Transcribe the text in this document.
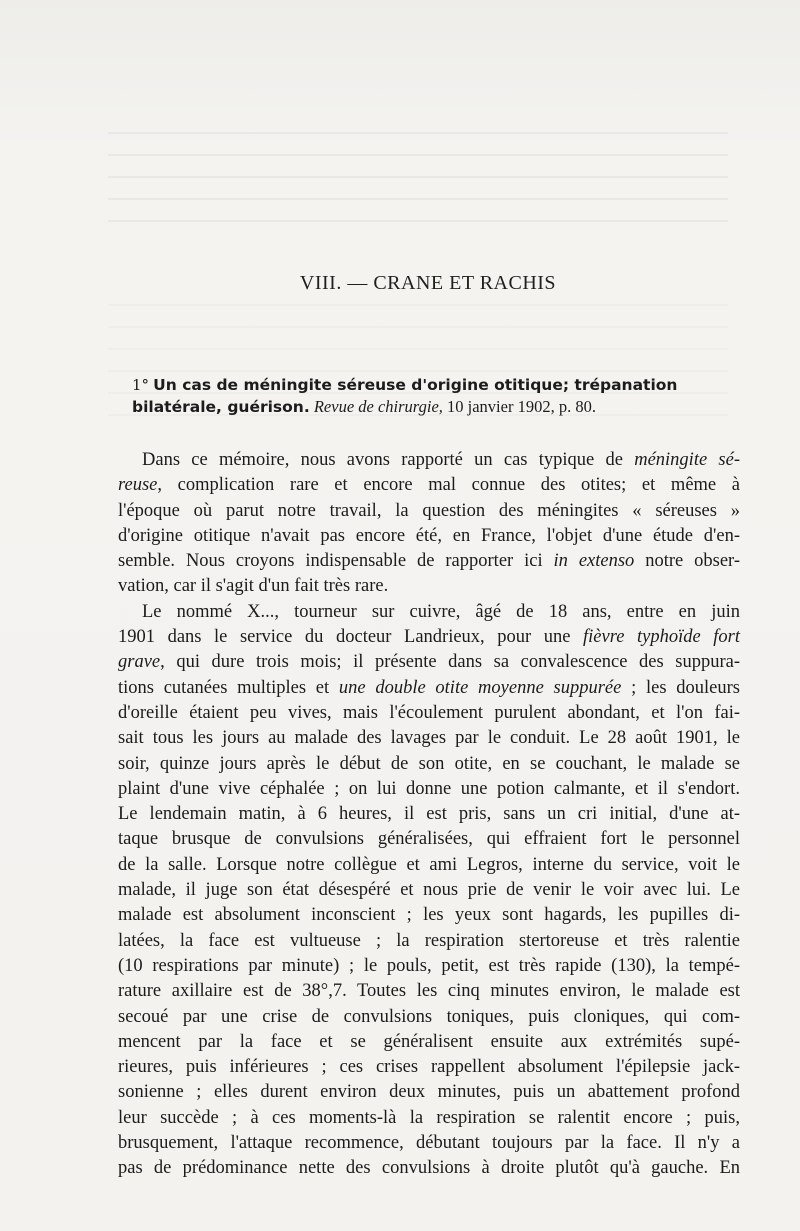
VIII. — CRANE ET RACHIS
1° Un cas de méningite séreuse d'origine otitique; trépanation bilatérale, guérison. Revue de chirurgie, 10 janvier 1902, p. 80.
Dans ce mémoire, nous avons rapporté un cas typique de méningite sé-
reuse, complication rare et encore mal connue des otites; et même à
l'époque où parut notre travail, la question des méningites « séreuses »
d'origine otitique n'avait pas encore été, en France, l'objet d'une étude d'en-
semble. Nous croyons indispensable de rapporter ici in extenso notre obser-
vation, car il s'agit d'un fait très rare.
Le nommé X..., tourneur sur cuivre, âgé de 18 ans, entre en juin
1901 dans le service du docteur Landrieux, pour une fièvre typhoïde fort
grave, qui dure trois mois; il présente dans sa convalescence des suppura-
tions cutanées multiples et une double otite moyenne suppurée ; les douleurs
d'oreille étaient peu vives, mais l'écoulement purulent abondant, et l'on fai-
sait tous les jours au malade des lavages par le conduit. Le 28 août 1901, le
soir, quinze jours après le début de son otite, en se couchant, le malade se
plaint d'une vive céphalée ; on lui donne une potion calmante, et il s'endort.
Le lendemain matin, à 6 heures, il est pris, sans un cri initial, d'une at-
taque brusque de convulsions généralisées, qui effraient fort le personnel
de la salle. Lorsque notre collègue et ami Legros, interne du service, voit le
malade, il juge son état désespéré et nous prie de venir le voir avec lui. Le
malade est absolument inconscient ; les yeux sont hagards, les pupilles di-
latées, la face est vultueuse ; la respiration stertoreuse et très ralentie
(10 respirations par minute) ; le pouls, petit, est très rapide (130), la tempé-
rature axillaire est de 38°,7. Toutes les cinq minutes environ, le malade est
secoué par une crise de convulsions toniques, puis cloniques, qui com-
mencent par la face et se généralisent ensuite aux extrémités supé-
rieures, puis inférieures ; ces crises rappellent absolument l'épilepsie jack-
sonienne ; elles durent environ deux minutes, puis un abattement profond
leur succède ; à ces moments-là la respiration se ralentit encore ; puis,
brusquement, l'attaque recommence, débutant toujours par la face. Il n'y a
pas de prédominance nette des convulsions à droite plutôt qu'à gauche. En
